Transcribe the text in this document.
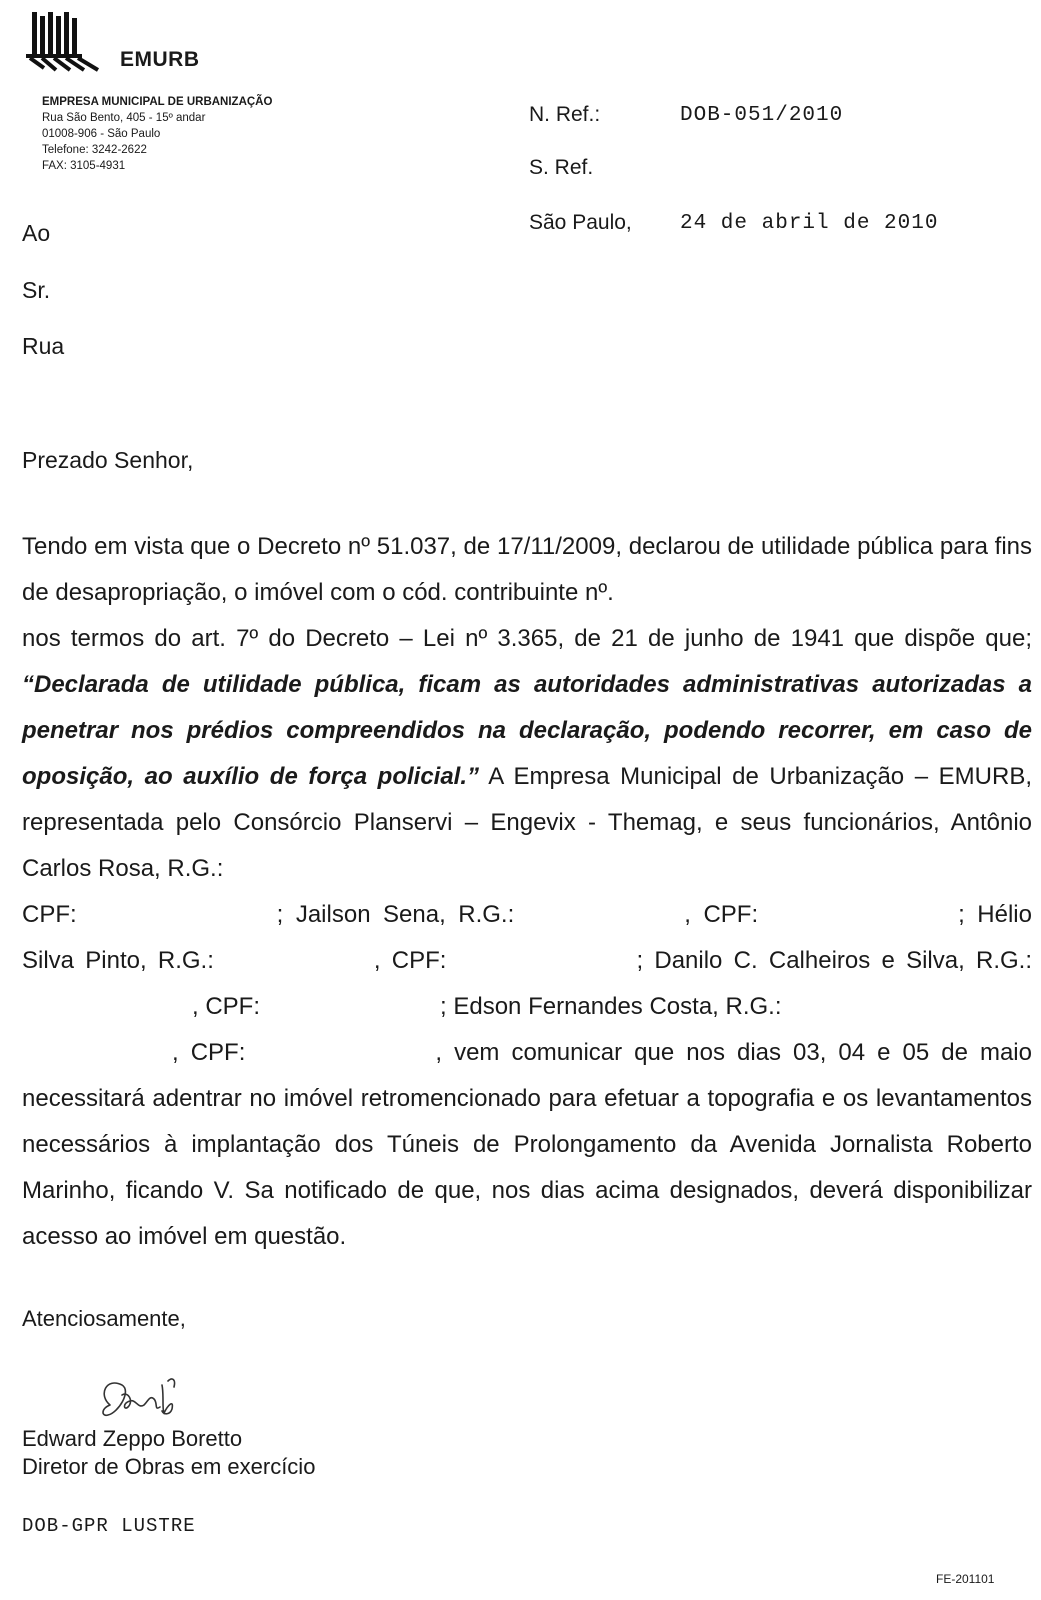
EMURB
EMPRESA MUNICIPAL DE URBANIZAÇÃO
Rua São Bento, 405 - 15º andar
01008-906 - São Paulo
Telefone: 3242-2622
FAX: 3105-4931
N. Ref.:	DOB-051/2010
S. Ref.
São Paulo, 24 de abril de 2010
Ao
Sr.
Rua
Prezado Senhor,
Tendo em vista que o Decreto nº 51.037, de 17/11/2009, declarou de utilidade pública para fins de desapropriação, o imóvel com o cód. contribuinte nº.
nos termos do art. 7º do Decreto – Lei nº 3.365, de 21 de junho de 1941 que dispõe que; “Declarada de utilidade pública, ficam as autoridades administrativas autorizadas a penetrar nos prédios compreendidos na declaração, podendo recorrer, em caso de oposição, ao auxílio de força policial.” A Empresa Municipal de Urbanização – EMURB, representada pelo Consórcio Planservi – Engevix - Themag, e seus funcionários, Antônio Carlos Rosa, R.G.:
CPF:	; Jailson Sena, R.G.:	, CPF:	; Hélio Silva Pinto, R.G.:	, CPF:	; Danilo C. Calheiros e Silva, R.G.:, CPF:	; Edson Fernandes Costa, R.G.:
, CPF:	, vem comunicar que nos dias 03, 04 e 05 de maio necessitará adentrar no imóvel retromencionado para efetuar a topografia e os levantamentos necessários à implantação dos Túneis de Prolongamento da Avenida Jornalista Roberto Marinho, ficando V. Sa notificado de que, nos dias acima designados, deverá disponibilizar acesso ao imóvel em questão.
Atenciosamente,
Edward Zeppo Boretto
Diretor de Obras em exercício
DOB-GPR LUSTRE
FE-201101
